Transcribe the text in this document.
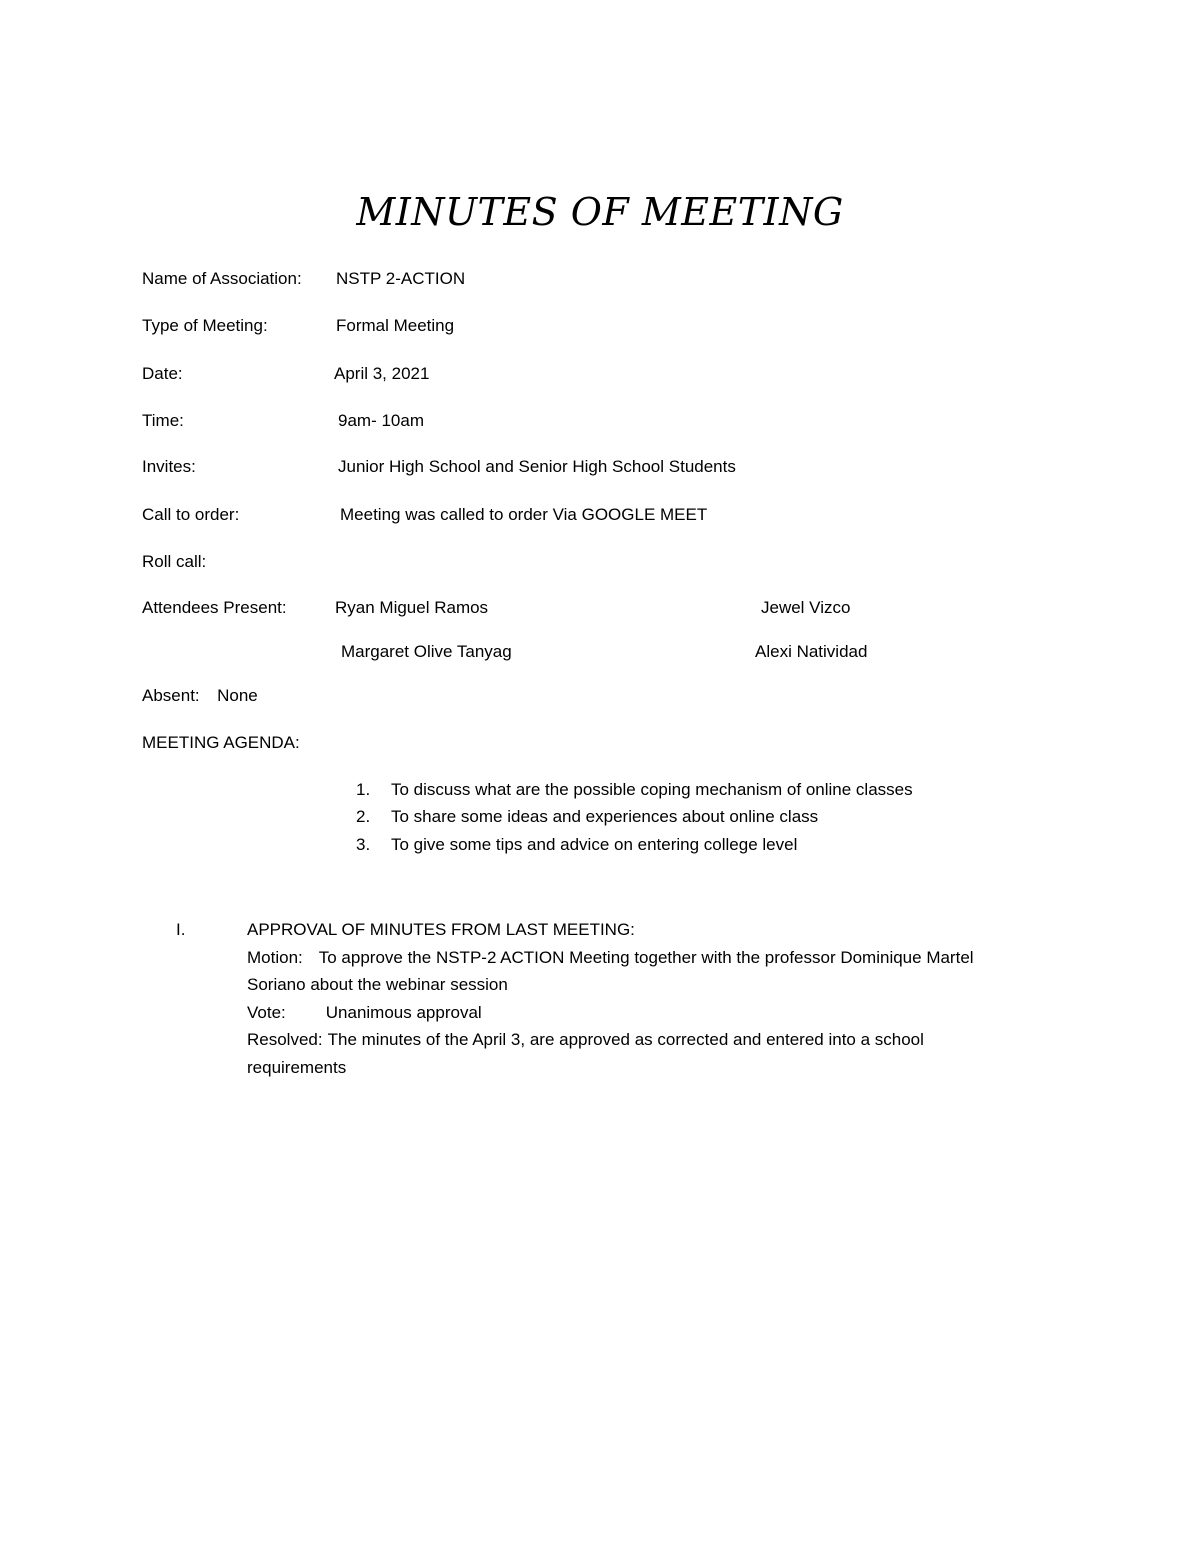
MINUTES OF MEETING
Name of Association: NSTP 2-ACTION
Type of Meeting:	Formal Meeting
Date:	April 3, 2021
Time:	9am- 10am
Invites:	Junior High School and Senior High School Students
Call to order:	Meeting was called to order Via GOOGLE MEET
Roll call:
Attendees Present:	Ryan Miguel Ramos	Jewel Vizco
Margaret Olive Tanyag	Alexi Natividad
Absent: None
MEETING AGENDA:
1. To discuss what are the possible coping mechanism of online classes
2. To share some ideas and experiences about online class
3. To give some tips and advice on entering college level
I.	APPROVAL OF MINUTES FROM LAST MEETING:
Motion: To approve the NSTP-2 ACTION Meeting together with the professor Dominique Martel
Soriano about the webinar session
Vote: Unanimous approval
Resolved: The minutes of the April 3, are approved as corrected and entered into a school
requirements
